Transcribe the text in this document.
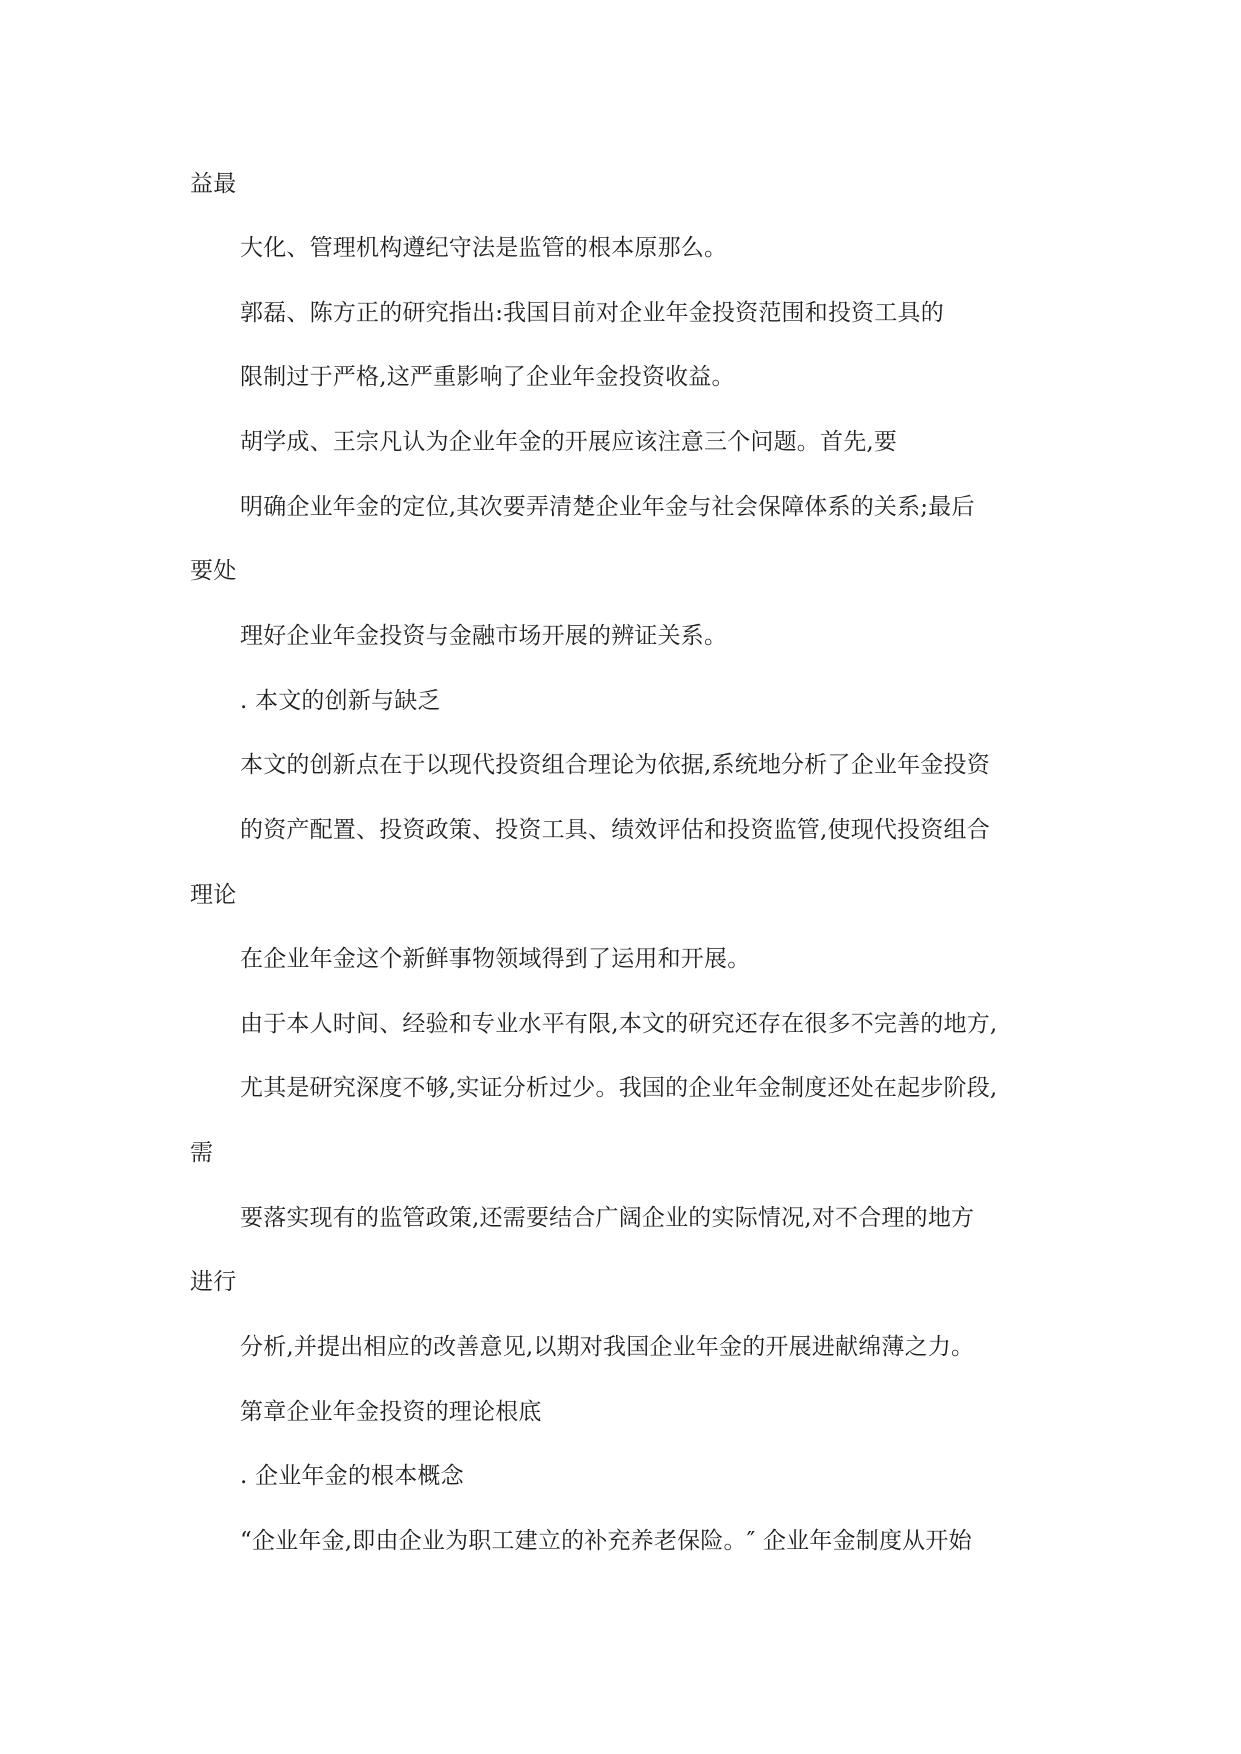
益最

大化、管理机构遵纪守法是监管的根本原那么。

郭磊、陈方正的研究指出:我国目前对企业年金投资范围和投资工具的

限制过于严格,这严重影响了企业年金投资收益。

胡学成、王宗凡认为企业年金的开展应该注意三个问题。首先,要

明确企业年金的定位,其次要弄清楚企业年金与社会保障体系的关系;最后

要处

理好企业年金投资与金融市场开展的辨证关系。

. 本文的创新与缺乏

本文的创新点在于以现代投资组合理论为依据,系统地分析了企业年金投资

的资产配置、投资政策、投资工具、绩效评估和投资监管,使现代投资组合

理论

在企业年金这个新鲜事物领域得到了运用和开展。

由于本人时间、经验和专业水平有限,本文的研究还存在很多不完善的地方,

尤其是研究深度不够,实证分析过少。我国的企业年金制度还处在起步阶段,

需

要落实现有的监管政策,还需要结合广阔企业的实际情况,对不合理的地方

进行

分析,并提出相应的改善意见,以期对我国企业年金的开展进献绵薄之力。

第章企业年金投资的理论根底

. 企业年金的根本概念

“企业年金,即由企业为职工建立的补充养老保险。″ 企业年金制度从开始
